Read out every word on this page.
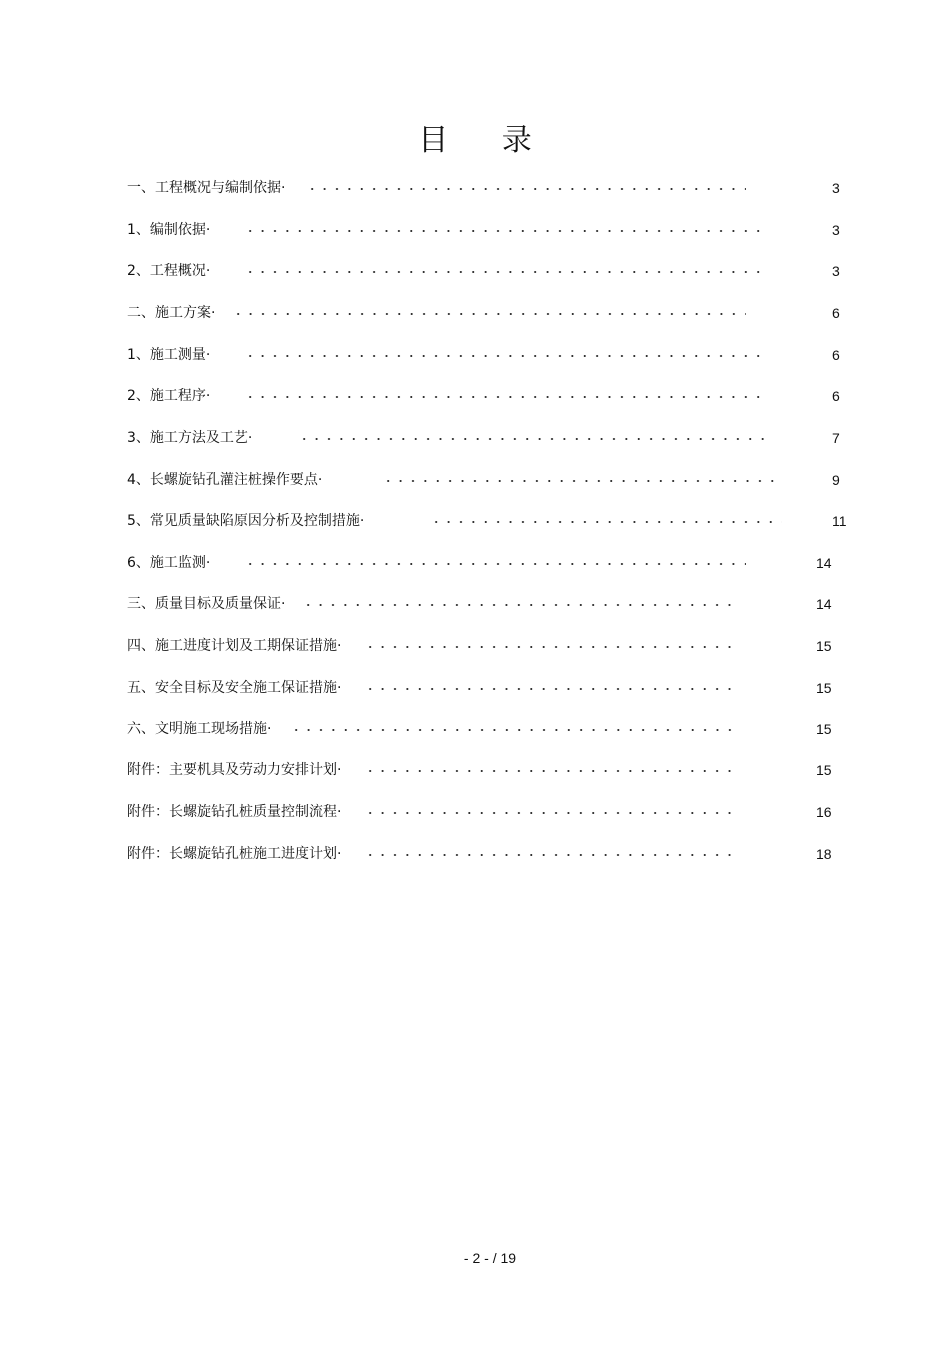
目 录
一、工程概况与编制依据·	3
1、编制依据·	3
2、工程概况·	3
二、施工方案·	6
1、施工测量·	6
2、施工程序·	6
3、施工方法及工艺·	7
4、长螺旋钻孔灌注桩操作要点·	9
5、常见质量缺陷原因分析及控制措施·	11
6、施工监测·	14
三、质量目标及质量保证·	14
四、施工进度计划及工期保证措施·	15
五、安全目标及安全施工保证措施·	15
六、文明施工现场措施·	15
附件：主要机具及劳动力安排计划·	15
附件：长螺旋钻孔桩质量控制流程·	16
附件：长螺旋钻孔桩施工进度计划·	18
- 2 - / 19
